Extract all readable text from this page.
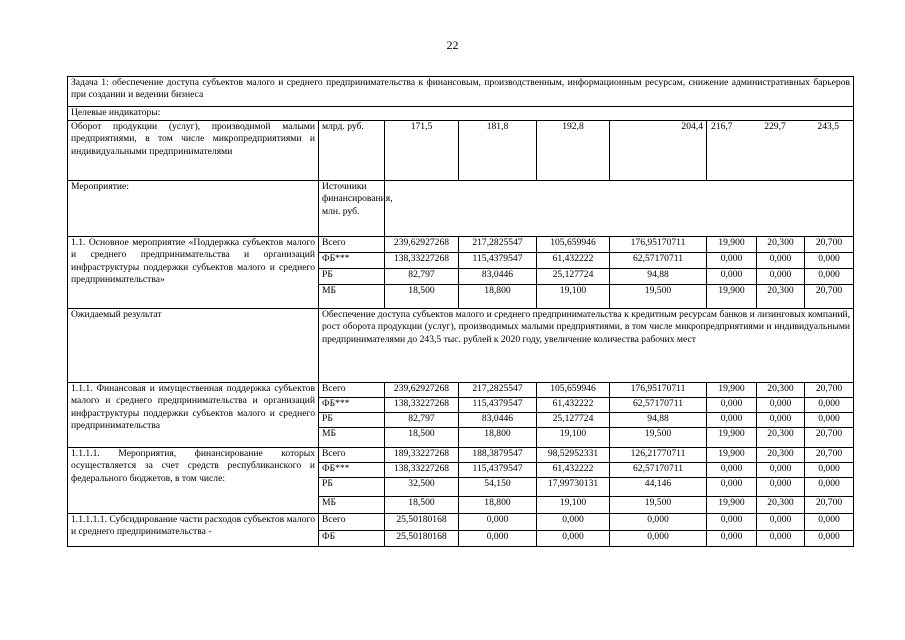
22
Задача 1: обеспечение доступа субъектов малого и среднего предпринимательства к финансовым, производственным, информационным ресурсам, снижение административных барьеров при создании и ведении бизнеса								
Целевые индикаторы:								
Оборот продукции (услуг), производимой малыми предприятиями, в том числе микропредприятиями и индивидуальными предпринимателями	млрд. руб.	171,5	181,8	192,8	204,4	216,7 229,7 243,5		

Мероприятие:	Источники финансирования, млн. руб.							
1.1. Основное мероприятие «Поддержка субъектов малого и среднего предпринимательства и организаций инфраструктуры поддержки субъектов малого и среднего предпринимательства»	Всего	239,62927268	217,2825547	105,659946	176,95170711	19,900	20,300	20,700
	ФБ***	138,33227268	115,4379547	61,432222	62,57170711	0,000	0,000	0,000
	РБ	82,797	83,0446	25,127724	94,88	0,000	0,000	0,000
	МБ	18,500	18,800	19,100	19,500	19,900	20,300	20,700
Ожидаемый результат	Обеспечение доступа субъектов малого и среднего предпринимательства к кредитным ресурсам банков и лизинговых компаний, рост оборота продукции (услуг), производимых малыми предприятиями, в том числе микропредприятиями и индивидуальными предпринимателями до 243,5 тыс. рублей к 2020 году, увеличение количества рабочих мест							
1.1.1. Финансовая и имущественная поддержка субъектов малого и среднего предпринимательства и организаций инфраструктуры поддержки субъектов малого и среднего предпринимательства	Всего	239,62927268	217,2825547	105,659946	176,95170711	19,900	20,300	20,700
	ФБ***	138,33227268	115,4379547	61,432222	62,57170711	0,000	0,000	0,000
	РБ	82,797	83,0446	25,127724	94,88	0,000	0,000	0,000
	МБ	18,500	18,800	19,100	19,500	19,900	20,300	20,700
1.1.1.1. Мероприятия, финансирование которых осуществляется за счет средств республиканского и федерального бюджетов, в том числе:	Всего	189,33227268	188,3879547	98,52952331	126,21770711	19,900	20,300	20,700
	ФБ***	138,33227268	115,4379547	61,432222	62,57170711	0,000	0,000	0,000
	РБ	32,500	54,150	17,99730131	44,146	0,000	0,000	0,000
	МБ	18,500	18,800	19,100	19,500	19,900	20,300	20,700
1.1.1.1.1. Субсидирование части расходов субъектов малого и среднего предпринимательства -	Всего	25,50180168	0,000	0,000	0,000	0,000	0,000	0,000
	ФБ	25,50180168	0,000	0,000	0,000	0,000	0,000	0,000
